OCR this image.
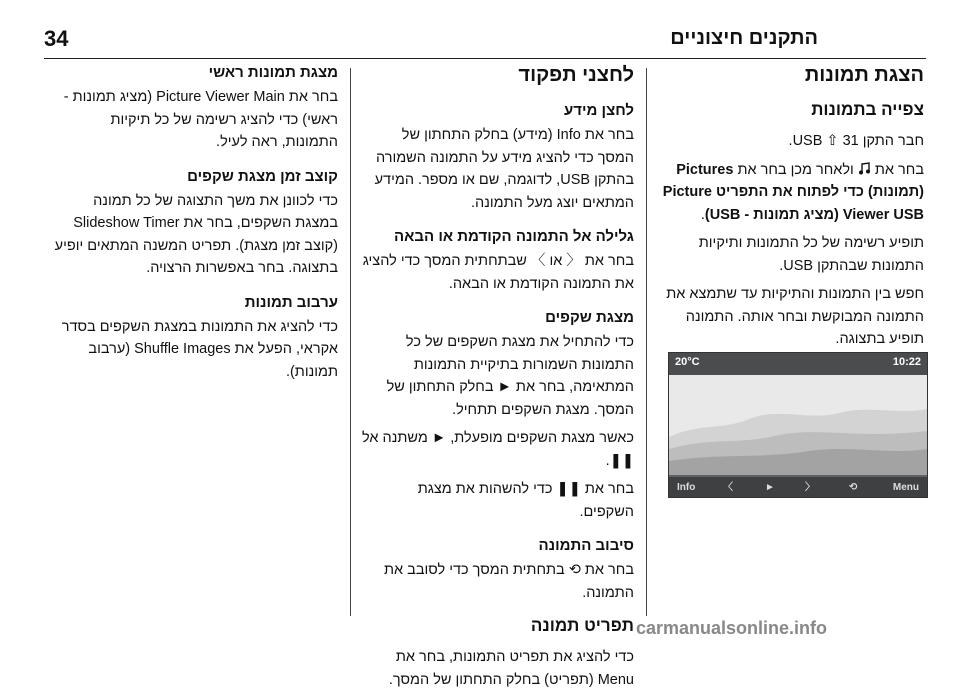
34	התקנים חיצוניים
הצגת תמונות
צפייה בתמונות

חבר התקן USB ⇧ 31.

בחר את  ולאחר מכן בחר את Pictures (תמונות) כדי לפתוח את התפריט Picture Viewer USB (מציג תמונות - USB).

תופיע רשימה של כל התמונות ותיקיות התמונות שבהתקן USB.

חפש בין התמונות והתיקיות עד שתמצא את התמונה המבוקשת ובחר אותה. התמונה תופיע בתצוגה.

20°C	10:22
Info	〈	►	〉	⟲	Menu
לחצני תפקוד
לחצן מידע

בחר את Info (מידע) בחלק התחתון של המסך כדי להציג מידע על התמונה השמורה בהתקן USB, לדוגמה, שם או מספר. המידע המתאים יוצג מעל התמונה.

גלילה אל התמונה הקודמת או הבאה

בחר את 〈 או 〉 שבתחתית המסך כדי להציג את התמונה הקודמת או הבאה.

מצגת שקפים

כדי להתחיל את מצגת השקפים של כל התמונות השמורות בתיקיית התמונות המתאימה, בחר את ► בחלק התחתון של המסך. מצגת השקפים תתחיל.

כאשר מצגת השקפים מופעלת, ► משתנה אל ❚❚.

בחר את ❚❚ כדי להשהות את מצגת השקפים.

סיבוב התמונה

בחר את ⟲ בתחתית המסך כדי לסובב את התמונה.

תפריט תמונה

כדי להציג את תפריט התמונות, בחר את Menu (תפריט) בחלק התחתון של המסך.

מצגת תמונות ראשי

בחר את Picture Viewer Main (מציג תמונות - ראשי) כדי להציג רשימה של כל תיקיות התמונות, ראה לעיל.

קוצב זמן מצגת שקפים

כדי לכוונן את משך התצוגה של כל תמונה במצגת השקפים, בחר את Slideshow Timer (קוצב זמן מצגת). תפריט המשנה המתאים יופיע בתצוגה. בחר באפשרות הרצויה.

ערבוב תמונות

כדי להציג את התמונות במצגת השקפים בסדר אקראי, הפעל את Shuffle Images (ערבוב תמונות).

carmanualsonline.info
